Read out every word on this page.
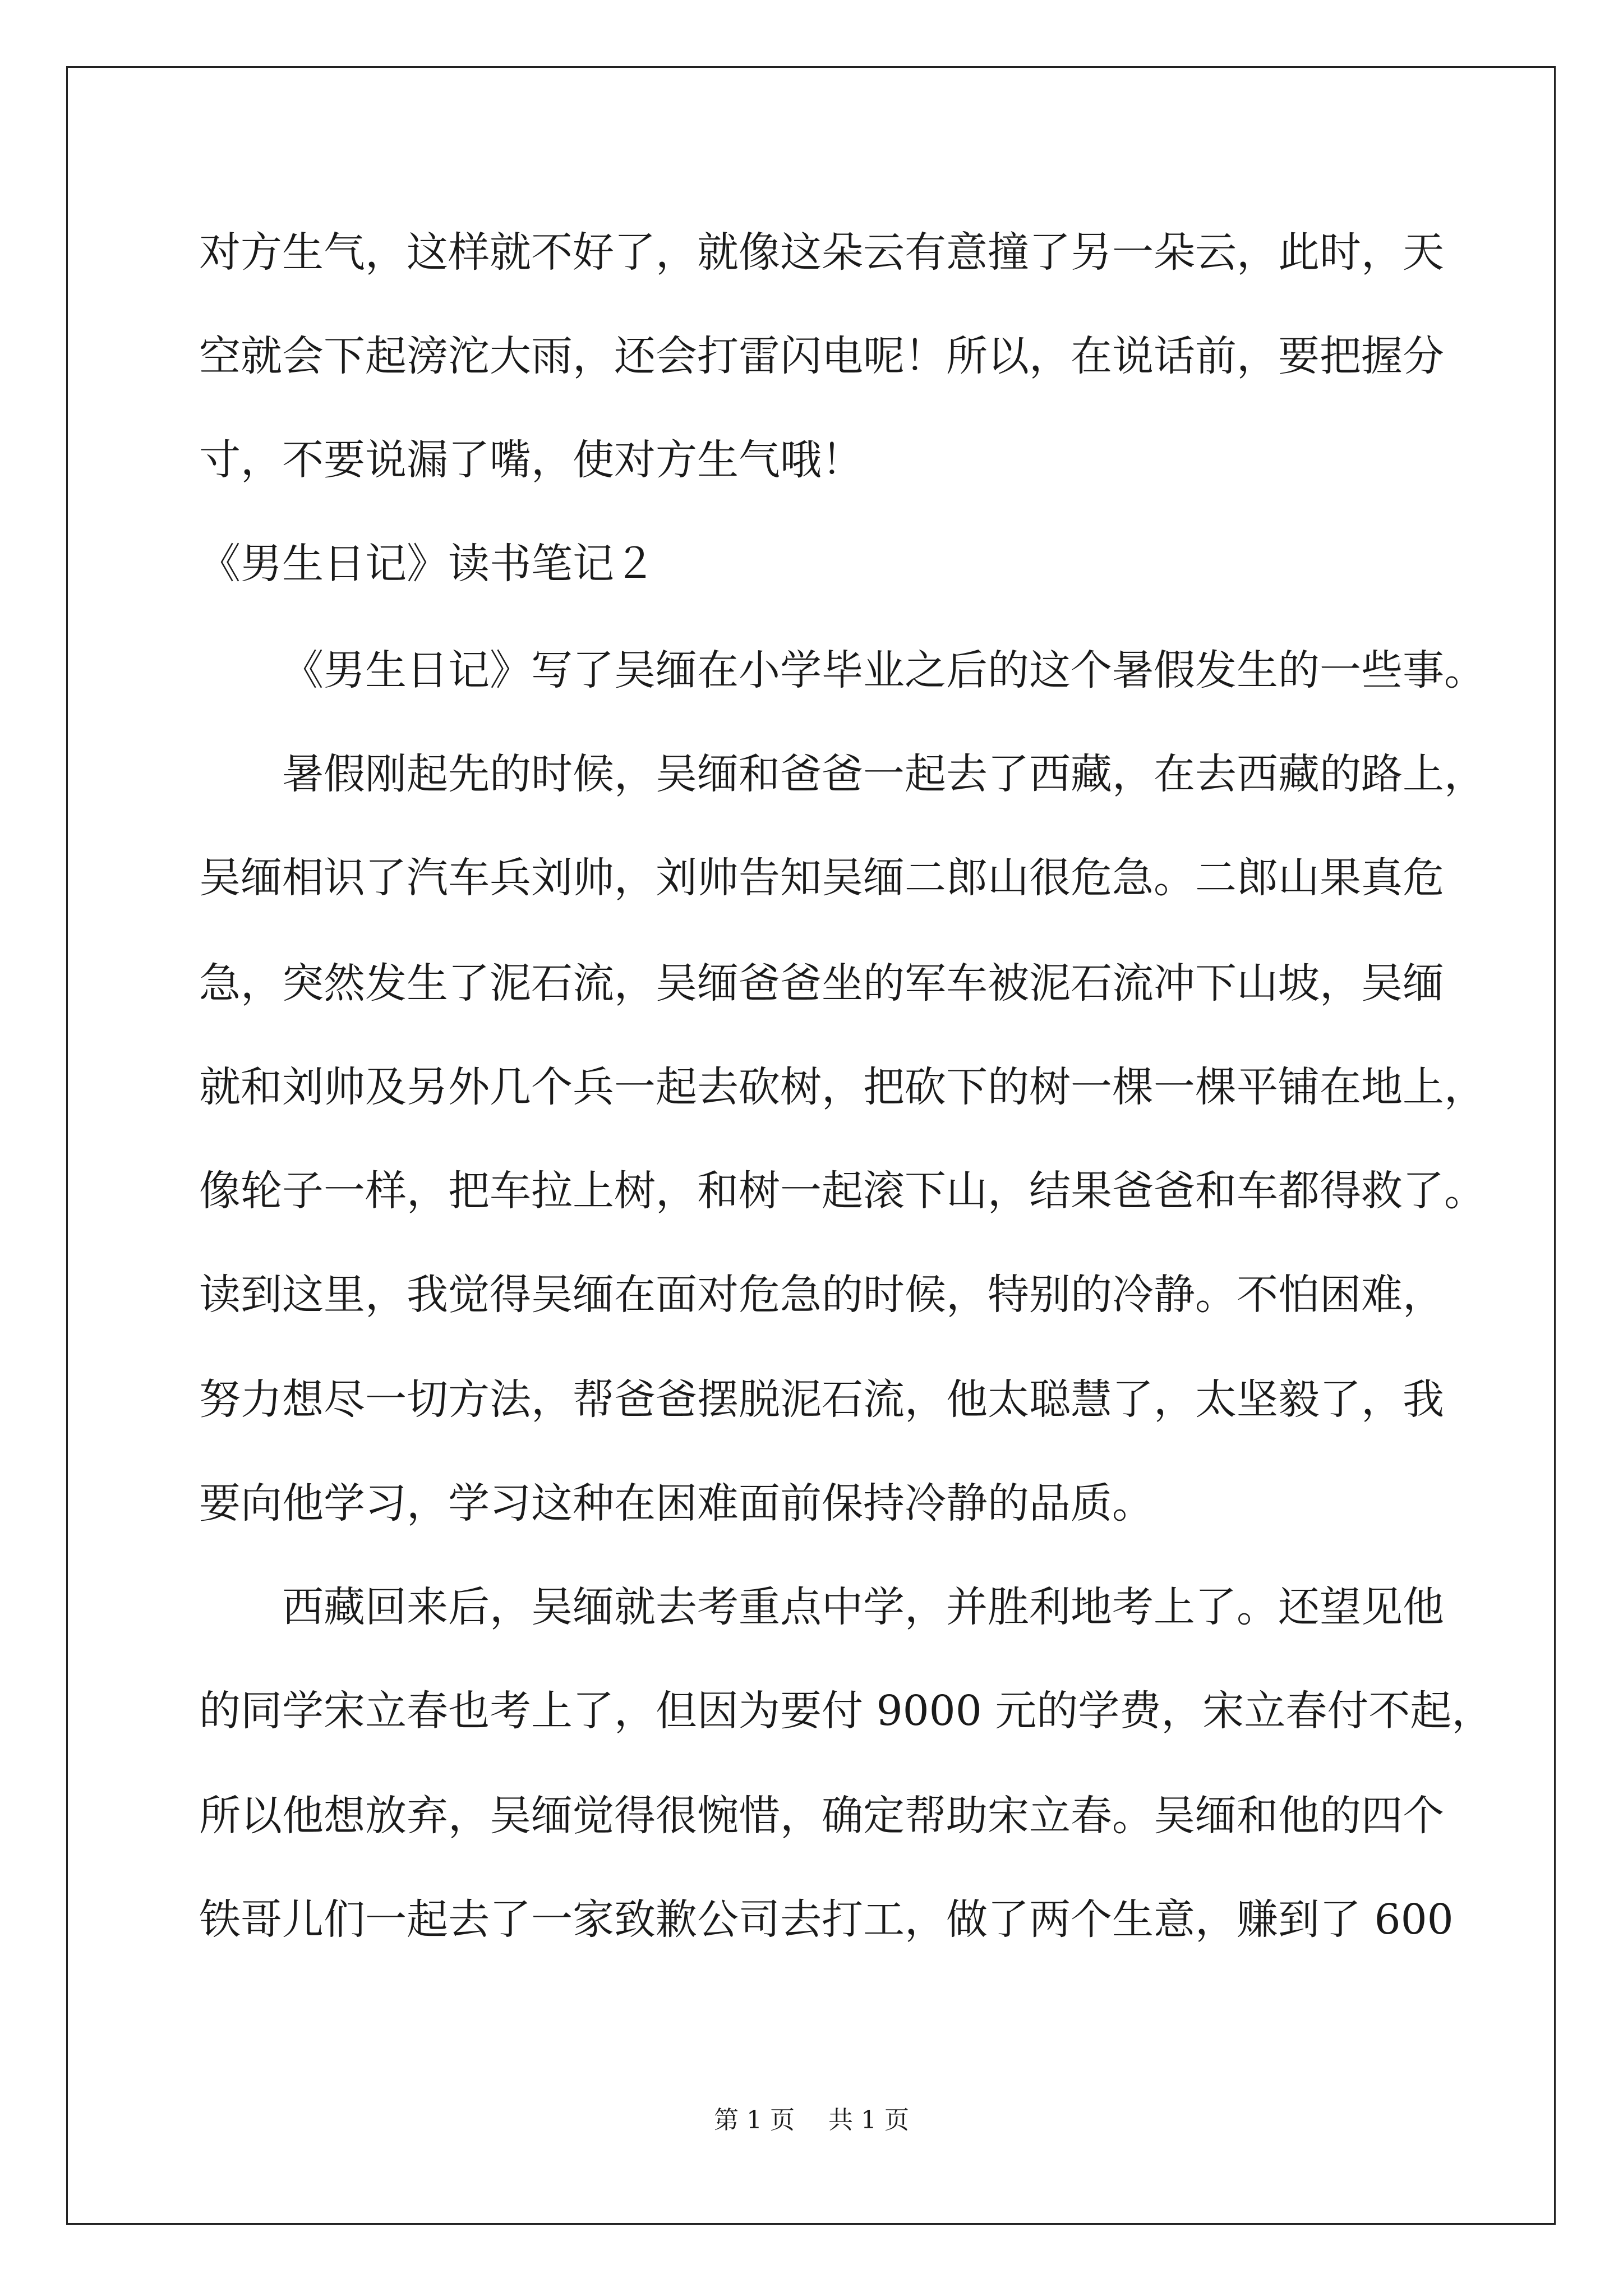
对方生气，这样就不好了，就像这朵云有意撞了另一朵云，此时，天
空就会下起滂沱大雨，还会打雷闪电呢！所以，在说话前，要把握分
寸，不要说漏了嘴，使对方生气哦！
《男生日记》读书笔记２
《男生日记》写了吴缅在小学毕业之后的这个暑假发生的一些事。
暑假刚起先的时候，吴缅和爸爸一起去了西藏，在去西藏的路上，
吴缅相识了汽车兵刘帅，刘帅告知吴缅二郎山很危急。二郎山果真危
急，突然发生了泥石流，吴缅爸爸坐的军车被泥石流冲下山坡，吴缅
就和刘帅及另外几个兵一起去砍树，把砍下的树一棵一棵平铺在地上，
像轮子一样，把车拉上树，和树一起滚下山，结果爸爸和车都得救了。
读到这里，我觉得吴缅在面对危急的时候，特别的冷静。不怕困难，
努力想尽一切方法，帮爸爸摆脱泥石流，他太聪慧了，太坚毅了，我
要向他学习，学习这种在困难面前保持冷静的品质。
西藏回来后，吴缅就去考重点中学，并胜利地考上了。还望见他
的同学宋立春也考上了，但因为要付 9000 元的学费，宋立春付不起，
所以他想放弃，吴缅觉得很惋惜，确定帮助宋立春。吴缅和他的四个
铁哥儿们一起去了一家致歉公司去打工，做了两个生意，赚到了 600
第 1 页 共 1 页
